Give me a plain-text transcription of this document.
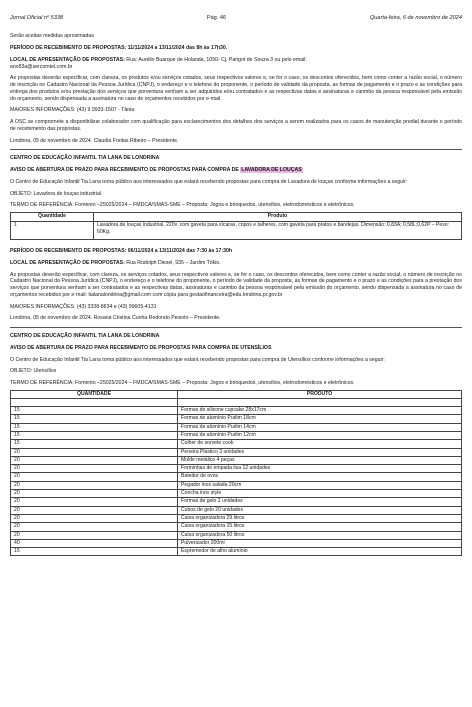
Jornal Oficial nº 5338	Pág. 46	Quarta-feira, 6 de novembro de 2024

Serão aceitas medidas aproximadas

PERÍODO DE RECEBIMENTO DE PROPOSTAS: 11/11/2024 a 13/11/2024 das 8h às 17h30.

LOCAL DE APRESENTAÇÃO DE PROPOSTAS: Rua: Aurélio Buarque de Holanda, 1050- Cj. Parigot de Souza 3 ou pelo email:

ano53a@sercomtel.com.br

As propostas deverão especificar, com clareza, os produtos e/ou serviços cotados, seus respectivos valores e, se for o caso, os descontos oferecidos, bem como conter a razão social, o número de inscrição no Cadastro Nacional da Pessoa Jurídica (CNPJ), o endereço e o telefone do proponente, o período de validade da proposta, as formas de pagamento e o prazo e as condições para entrega dos produtos e/ou prestação dos serviços que porventura venham a ser adquiridos e/ou contratados e as respectivas datas e assinaturas e carimbo da pessoa responsável pela emissão do orçamento, sendo dispensada a assinatura no caso de orçamentos recebidos por e-mail.

MAIORES INFORMAÇÕES: (43) 9 9933-1507 - Tânia

A OSC se compromete a disponibilizar colaborador com qualificação para esclarecimentos dos detalhes dos serviços a serem realizados para os casos de manutenção predial durante o período de recebimento das propostas.

Londrina, 05 de novembro de 2024. Claudia Freitas Ribeiro – Presidente.

CENTRO DE EDUCAÇÃO INFANTIL TIA LANA DE LONDRINA

AVISO DE ABERTURA DE PRAZO PARA RECEBIMENTO DE PROPOSTAS PARA COMPRA DE LAVADORA DE LOUÇAS

O Centro de Educação Infantil Tia Lana torna público aos interessados que estará recebendo propostas para compra de Lavadora de louças conforme informações a seguir:

OBJETO: Lavadora de louças industrial

TERMO DE REFERÊNCIA: Fomento –25025/2024 – FMDCA/SMAS-SME – Proposta: Jogos e brinquedos, utensílios, eletrodomésticos e eletrônicos.

Quantidade	Produto
1	Lavadora de louças industrial, 220v. com gaveta para xícaras, copos e talheres, com gaveta para pratos e bandejas. Dimensão: 0,83A; 0,58L;0,62P – Peso: 60Kg.

PERÍODO DE RECEBIMENTO DE PROPOSTAS: 06/11/2024 a 13/11/2024 das 7:30 às 17:30h

LOCAL DE APRESENTAÇÃO DE PROPOSTAS: Rua Rudolph Diesel, 935 – Jardim Tókio.

As propostas deverão especificar, com clareza, os serviços cotados, seus respectivos valores e, se for o caso, os descontos oferecidos, bem como conter a razão social, o número de inscrição no Cadastro Nacional da Pessoa Jurídica (CNPJ), o endereço e o telefone do proponente, o período de validade da proposta, as formas de pagamento e o prazo e as condições para a prestação dos serviços que porventura venham a ser contratados e as respectivas datas, assinaturas e carimbo da pessoa responsável pela emissão do orçamento, sendo dispensada a assinatura no caso de orçamentos recebidos por e-mail: tialanalondrina@gmail.com com cópia para gestaofinanceira@edu.londrina.pr.gov.br

MAIORES INFORMAÇÕES: (43) 3338-8634 e (43) 99605-4131

Londrina, 05 de novembro de 2024. Rosana Cristina Cunha Redondo Peixoto – Presidente.

CENTRO DE EDUCAÇÃO INFANTIL TIA LANA DE LONDRINA

AVISO DE ABERTURA DE PRAZO PARA RECEBIMENTO DE PROPOSTAS PARA COMPRA DE UTENSÍLIOS

O Centro de Educação Infantil Tia Lana torna público aos interessados que estará recebendo propostas para compra de Utensílios conforme informações a seguir:

OBJETO: Utensílios

TERMO DE REFERÊNCIA: Fomento –25025/2024 – FMDCA/SMAS-SME – Proposta: Jogos e brinquedos, utensílios, eletrodomésticos e eletrônicos.

QUANTIDADE	PRODUTO

15	Formas de silicone cupcake 28x17cm
15	Formas de alumínio Pudim 18cm
15	Formas de alumínio Pudim 14cm
15	Formas de alumínio Pudim 12cm
15	Colher de sorvete cook
20	Peneira Plastico 3 unidades
20	Molde metálico 4 peças
20	Forminhas de empada lisa 12 unidades
20	Batedor de ovos
20	Pegador inox salada 20cm
20	Concha inox style
20	Formas de gelo 2 unidades
20	Cubos de gelo 20 unidades
20	Caixa organizadora 29 litros
20	Caixa organizadora 15 litros
20	Caixa organizadora 50 litros
40	Pulverizador 200ml
15	Espremedor de alho alumínio
